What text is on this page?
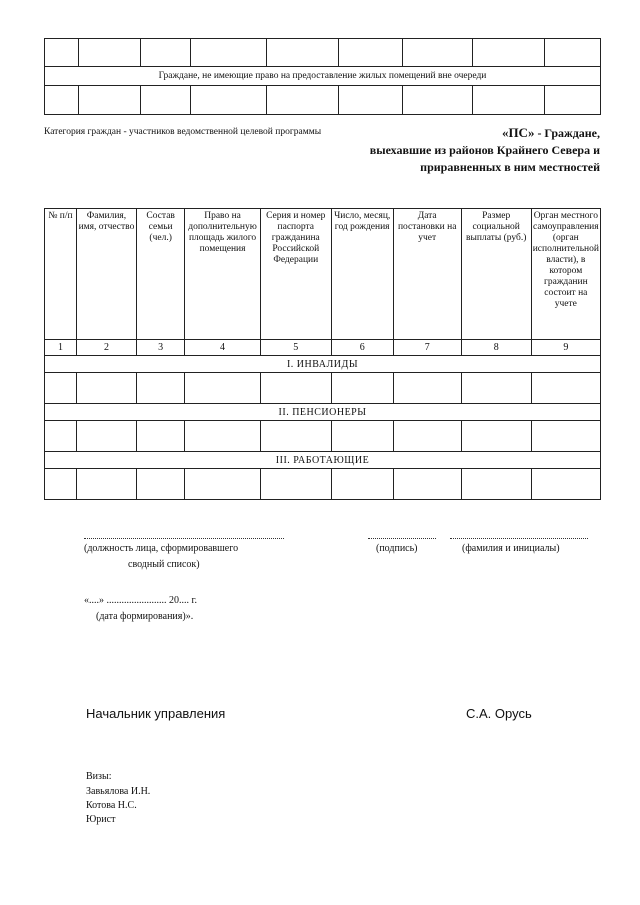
Граждане, не имеющие право на предоставление жилых помещений вне очереди								

Категория граждан - участников ведомственной целевой программы	«ПС» - Граждане,
выехавшие из районов Крайнего Севера и
приравненных в ним местностей
№ п/п	Фамилия, имя, отчество	Состав семьи (чел.)	Право на дополнительную площадь жилого помещения	Серия и номер паспорта гражданина Российской Федерации	Число, месяц, год рождения	Дата постановки на учет	Размер социальной выплаты (руб.)	Орган местного самоуправления (орган исполнительной власти), в котором гражданин состоит на учете
1	2	3	4	5	6	7	8	9
I. ИНВАЛИДЫ								

II. ПЕНСИОНЕРЫ								

III. РАБОТАЮЩИЕ								

(должность лица, сформировавшего
сводный список)
(подпись)	(фамилия и инициалы)
«....» ........................ 20.... г.
(дата формирования)».
Начальник управления	С.А. Орусь
Визы:
Завьялова И.Н.
Котова Н.С.
Юрист
